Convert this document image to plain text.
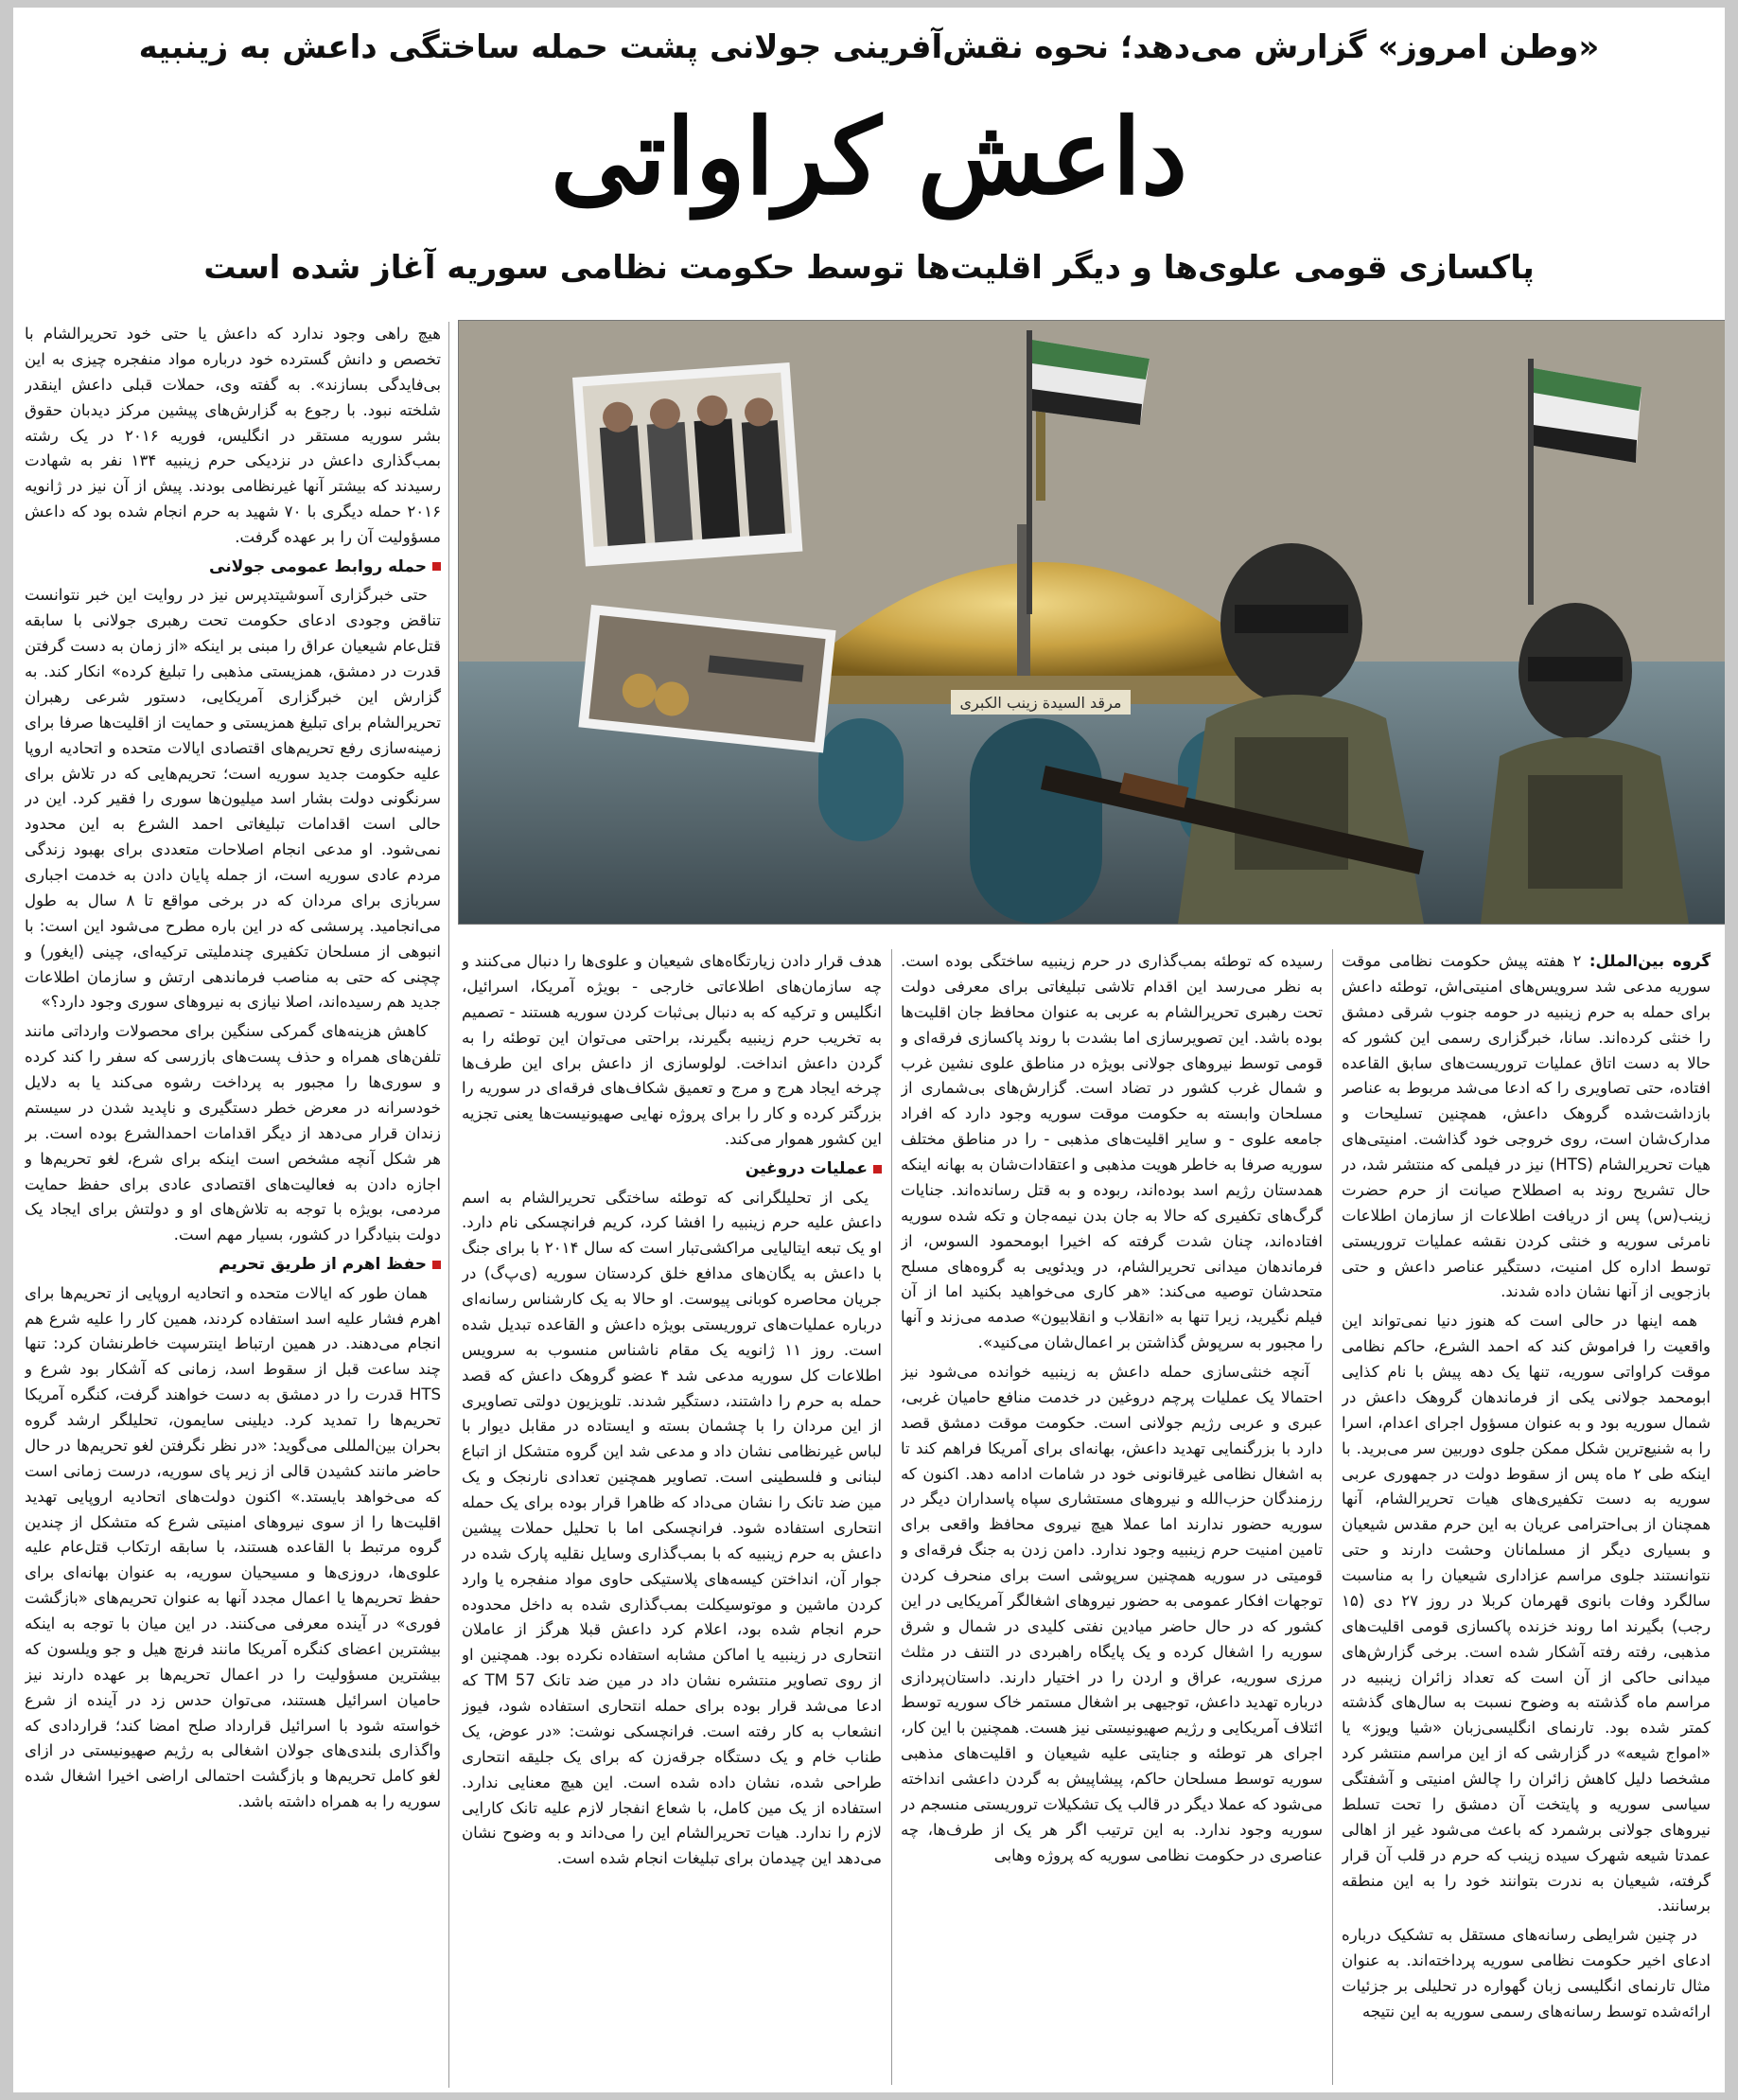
«وطن امروز» گزارش می‌دهد؛ نحوه نقش‌آفرینی جولانی پشت حمله ساختگی داعش به زینبیه
داعش کراواتی
پاکسازی قومی علوی‌ها و دیگر اقلیت‌ها توسط حکومت نظامی سوریه آغاز شده است

هیچ راهی وجود ندارد که داعش یا حتی خود تحریرالشام با تخصص و دانش گسترده خود درباره مواد منفجره چیزی به این بی‌فایدگی بسازند». به گفته وی، حملات قبلی داعش اینقدر شلخته نبود. با رجوع به گزارش‌های پیشین مرکز دیدبان حقوق بشر سوریه مستقر در انگلیس، فوریه ۲۰۱۶ در یک رشته بمب‌گذاری داعش در نزدیکی حرم زینبیه ۱۳۴ نفر به شهادت رسیدند که بیشتر آنها غیرنظامی بودند. پیش از آن نیز در ژانویه ۲۰۱۶ حمله دیگری با ۷۰ شهید به حرم انجام شده بود که داعش مسؤولیت آن را بر عهده گرفت.

حمله روابط عمومی جولانی

حتی خبرگزاری آسوشیتدپرس نیز در روایت این خبر نتوانست تناقض وجودی ادعای حکومت تحت رهبری جولانی با سابقه قتل‌عام شیعیان عراق را مبنی بر اینکه «از زمان به دست گرفتن قدرت در دمشق، همزیستی مذهبی را تبلیغ کرده» انکار کند. به گزارش این خبرگزاری آمریکایی، دستور شرعی رهبران تحریرالشام برای تبلیغ همزیستی و حمایت از اقلیت‌ها صرفا برای زمینه‌سازی رفع تحریم‌های اقتصادی ایالات متحده و اتحادیه اروپا علیه حکومت جدید سوریه است؛ تحریم‌هایی که در تلاش برای سرنگونی دولت بشار اسد میلیون‌ها سوری را فقیر کرد. این در حالی است اقدامات تبلیغاتی احمد الشرع به این محدود نمی‌شود. او مدعی انجام اصلاحات متعددی برای بهبود زندگی مردم عادی سوریه است، از جمله پایان دادن به خدمت اجباری سربازی برای مردان که در برخی مواقع تا ۸ سال به طول می‌انجامید. پرسشی که در این باره مطرح می‌شود این است: با انبوهی از مسلحان تکفیری چندملیتی ترکیه‌ای، چینی (ایغور) و چچنی که حتی به مناصب فرماندهی ارتش و سازمان اطلاعات جدید هم رسیده‌اند، اصلا نیازی به نیروهای سوری وجود دارد؟»

کاهش هزینه‌های گمرکی سنگین برای محصولات وارداتی مانند تلفن‌های همراه و حذف پست‌های بازرسی که سفر را کند کرده و سوری‌ها را مجبور به پرداخت رشوه می‌کند یا به دلایل خودسرانه در معرض خطر دستگیری و ناپدید شدن در سیستم زندان قرار می‌دهد از دیگر اقدامات احمدالشرع بوده است. بر هر شکل آنچه مشخص است اینکه برای شرع، لغو تحریم‌ها و اجازه دادن به فعالیت‌های اقتصادی عادی برای حفظ حمایت مردمی، بویژه با توجه به تلاش‌های او و دولتش برای ایجاد یک دولت بنیادگرا در کشور، بسیار مهم است.

حفظ اهرم از طریق تحریم

همان طور که ایالات متحده و اتحادیه اروپایی از تحریم‌ها برای اهرم فشار علیه اسد استفاده کردند، همین کار را علیه شرع هم انجام می‌دهند. در همین ارتباط اینترسپت خاطرنشان کرد: تنها چند ساعت قبل از سقوط اسد، زمانی که آشکار بود شرع و HTS قدرت را در دمشق به دست خواهند گرفت، کنگره آمریکا تحریم‌ها را تمدید کرد. دیلینی سایمون، تحلیلگر ارشد گروه بحران بین‌المللی می‌گوید: «در نظر نگرفتن لغو تحریم‌ها در حال حاضر مانند کشیدن قالی از زیر پای سوریه، درست زمانی است که می‌خواهد بایستد.» اکنون دولت‌های اتحادیه اروپایی تهدید اقلیت‌ها را از سوی نیروهای امنیتی شرع که متشکل از چندین گروه مرتبط با القاعده هستند، با سابقه ارتکاب قتل‌عام علیه علوی‌ها، دروزی‌ها و مسیحیان سوریه، به عنوان بهانه‌ای برای حفظ تحریم‌ها یا اعمال مجدد آنها به عنوان تحریم‌های «بازگشت فوری» در آینده معرفی می‌کنند. در این میان با توجه به اینکه بیشترین اعضای کنگره آمریکا مانند فرنچ هیل و جو ویلسون که بیشترین مسؤولیت را در اعمال تحریم‌ها بر عهده دارند نیز حامیان اسرائیل هستند، می‌توان حدس زد در آینده از شرع خواسته شود با اسرائیل قرارداد صلح امضا کند؛ قراردادی که واگذاری بلندی‌های جولان اشغالی به رژیم صهیونیستی در ازای لغو کامل تحریم‌ها و بازگشت احتمالی اراضی اخیرا اشغال شده سوریه را به همراه داشته باشد.

مرقد السيدة زينب الكبرى

گروه بین‌الملل: ۲ هفته پیش حکومت نظامی موقت سوریه مدعی شد سرویس‌های امنیتی‌اش، توطئه داعش برای حمله به حرم زینبیه در حومه جنوب شرقی دمشق را خنثی کرده‌اند. سانا، خبرگزاری رسمی این کشور که حالا به دست اتاق عملیات تروریست‌های سابق القاعده افتاده، حتی تصاویری را که ادعا می‌شد مربوط به عناصر بازداشت‌شده گروهک داعش، همچنین تسلیحات و مدارک‌شان است، روی خروجی خود گذاشت. امنیتی‌های هیات تحریرالشام (HTS) نیز در فیلمی که منتشر شد، در حال تشریح روند به اصطلاح صیانت از حرم حضرت زینب(س) پس از دریافت اطلاعات از سازمان اطلاعات نامرئی سوریه و خنثی کردن نقشه عملیات تروریستی توسط اداره کل امنیت، دستگیر عناصر داعش و حتی بازجویی از آنها نشان داده شدند.

همه اینها در حالی است که هنوز دنیا نمی‌تواند این واقعیت را فراموش کند که احمد الشرع، حاکم نظامی موقت کراواتی سوریه، تنها یک دهه پیش با نام کذایی ابومحمد جولانی یکی از فرماندهان گروهک داعش در شمال سوریه بود و به عنوان مسؤول اجرای اعدام، اسرا را به شنیع‌ترین شکل ممکن جلوی دوربین سر می‌برید. با اینکه طی ۲ ماه پس از سقوط دولت در جمهوری عربی سوریه به دست تکفیری‌های هیات تحریرالشام، آنها همچنان از بی‌احترامی عریان به این حرم مقدس شیعیان و بسیاری دیگر از مسلمانان وحشت دارند و حتی نتوانستند جلوی مراسم عزاداری شیعیان را به مناسبت سالگرد وفات بانوی قهرمان کربلا در روز ۲۷ دی (۱۵ رجب) بگیرند اما روند خزنده پاکسازی قومی اقلیت‌های مذهبی، رفته رفته آشکار شده است. برخی گزارش‌های میدانی حاکی از آن است که تعداد زائران زینبیه در مراسم ماه گذشته به وضوح نسبت به سال‌های گذشته کمتر شده بود. تارنمای انگلیسی‌زبان «شیا ویوز» یا «امواج شیعه» در گزارشی که از این مراسم منتشر کرد مشخصا دلیل کاهش زائران را چالش امنیتی و آشفتگی سیاسی سوریه و پایتخت آن دمشق را تحت تسلط نیروهای جولانی برشمرد که باعث می‌شود غیر از اهالی عمدتا شیعه شهرک سیده زینب که حرم در قلب آن قرار گرفته، شیعیان به ندرت بتوانند خود را به این منطقه برسانند.

در چنین شرایطی رسانه‌های مستقل به تشکیک درباره ادعای اخیر حکومت نظامی سوریه پرداخته‌اند. به عنوان مثال تارنمای انگلیسی زبان گهواره در تحلیلی بر جزئیات ارائه‌شده توسط رسانه‌های رسمی سوریه به این نتیجه

رسیده که توطئه بمب‌گذاری در حرم زینبیه ساختگی بوده است. به نظر می‌رسد این اقدام تلاشی تبلیغاتی برای معرفی دولت تحت رهبری تحریرالشام به عربی به عنوان محافظ جان اقلیت‌ها بوده باشد. این تصویرسازی اما بشدت با روند پاکسازی فرقه‌ای و قومی توسط نیروهای جولانی بویژه در مناطق علوی نشین غرب و شمال غرب کشور در تضاد است. گزارش‌های بی‌شماری از مسلحان وابسته به حکومت موقت سوریه وجود دارد که افراد جامعه علوی - و سایر اقلیت‌های مذهبی - را در مناطق مختلف سوریه صرفا به خاطر هویت مذهبی و اعتقادات‌شان به بهانه اینکه همدستان رژیم اسد بوده‌اند، ربوده و به قتل رسانده‌اند. جنایات گرگ‌های تکفیری که حالا به جان بدن نیمه‌جان و تکه شده سوریه افتاده‌اند، چنان شدت گرفته که اخیرا ابومحمود السوس، از فرماندهان میدانی تحریرالشام، در ویدئویی به گروه‌های مسلح متحدشان توصیه می‌کند: «هر کاری می‌خواهید بکنید اما از آن فیلم نگیرید، زیرا تنها به «انقلاب و انقلابیون» صدمه می‌زند و آنها را مجبور به سرپوش گذاشتن بر اعمال‌شان می‌کنید».

آنچه خنثی‌سازی حمله داعش به زینبیه خوانده می‌شود نیز احتمالا یک عملیات پرچم دروغین در خدمت منافع حامیان غربی، عبری و عربی رژیم جولانی است. حکومت موقت دمشق قصد دارد با بزرگنمایی تهدید داعش، بهانه‌ای برای آمریکا فراهم کند تا به اشغال نظامی غیرقانونی خود در شامات ادامه دهد. اکنون که رزمندگان حزب‌الله و نیروهای مستشاری سپاه پاسداران دیگر در سوریه حضور ندارند اما عملا هیچ نیروی محافظ واقعی برای تامین امنیت حرم زینبیه وجود ندارد. دامن زدن به جنگ فرقه‌ای و قومیتی در سوریه همچنین سرپوشی است برای منحرف کردن توجهات افکار عمومی به حضور نیروهای اشغالگر آمریکایی در این کشور که در حال حاضر میادین نفتی کلیدی در شمال و شرق سوریه را اشغال کرده و یک پایگاه راهبردی در التنف در مثلث مرزی سوریه، عراق و اردن را در اختیار دارند. داستان‌پردازی درباره تهدید داعش، توجیهی بر اشغال مستمر خاک سوریه توسط ائتلاف آمریکایی و رژیم صهیونیستی نیز هست. همچنین با این کار، اجرای هر توطئه و جنایتی علیه شیعیان و اقلیت‌های مذهبی سوریه توسط مسلحان حاکم، پیشاپیش به گردن داعشی انداخته می‌شود که عملا دیگر در قالب یک تشکیلات تروریستی منسجم در سوریه وجود ندارد. به این ترتیب اگر هر یک از طرف‌ها، چه عناصری در حکومت نظامی سوریه که پروژه وهابی

هدف قرار دادن زیارتگاه‌های شیعیان و علوی‌ها را دنبال می‌کنند و چه سازمان‌های اطلاعاتی خارجی - بویژه آمریکا، اسرائیل، انگلیس و ترکیه که به دنبال بی‌ثبات کردن سوریه هستند - تصمیم به تخریب حرم زینبیه بگیرند، براحتی می‌توان این توطئه را به گردن داعش انداخت. لولوسازی از داعش برای این طرف‌ها چرخه ایجاد هرج و مرج و تعمیق شکاف‌های فرقه‌ای در سوریه را بزرگتر کرده و کار را برای پروژه نهایی صهیونیست‌ها یعنی تجزیه این کشور هموار می‌کند.

عملیات دروغین

یکی از تحلیلگرانی که توطئه ساختگی تحریرالشام به اسم داعش علیه حرم زینبیه را افشا کرد، کریم فرانچسکی نام دارد. او یک تبعه ایتالیایی مراکشی‌تبار است که سال ۲۰۱۴ با برای جنگ با داعش به یگان‌های مدافع خلق کردستان سوریه (ی‌پ‌گ) در جریان محاصره کوبانی پیوست. او حالا به یک کارشناس رسانه‌ای درباره عملیات‌های تروریستی بویژه داعش و القاعده تبدیل شده است. روز ۱۱ ژانویه یک مقام ناشناس منسوب به سرویس اطلاعات کل سوریه مدعی شد ۴ عضو گروهک داعش که قصد حمله به حرم را داشتند، دستگیر شدند. تلویزیون دولتی تصاویری از این مردان را با چشمان بسته و ایستاده در مقابل دیوار با لباس غیرنظامی نشان داد و مدعی شد این گروه متشکل از اتباع لبنانی و فلسطینی است. تصاویر همچنین تعدادی نارنجک و یک مین ضد تانک را نشان می‌داد که ظاهرا قرار بوده برای یک حمله انتحاری استفاده شود. فرانچسکی اما با تحلیل حملات پیشین داعش به حرم زینبیه که با بمب‌گذاری وسایل نقلیه پارک شده در جوار آن، انداختن کیسه‌های پلاستیکی حاوی مواد منفجره یا وارد کردن ماشین و موتوسیکلت بمب‌گذاری شده به داخل محدوده حرم انجام شده بود، اعلام کرد داعش قبلا هرگز از عاملان انتحاری در زینبیه یا اماکن مشابه استفاده نکرده بود. همچنین او از روی تصاویر منتشره نشان داد در مین ضد تانک TM 57 که ادعا می‌شد قرار بوده برای حمله انتحاری استفاده شود، فیوز انشعاب به کار رفته است. فرانچسکی نوشت: «در عوض، یک طناب خام و یک دستگاه جرقه‌زن که برای یک جلیقه انتحاری طراحی شده، نشان داده شده است. این هیچ معنایی ندارد. استفاده از یک مین کامل، با شعاع انفجار لازم علیه تانک کارایی لازم را ندارد. هیات تحریرالشام این را می‌داند و به وضوح نشان می‌دهد این چیدمان برای تبلیغات انجام شده است.
